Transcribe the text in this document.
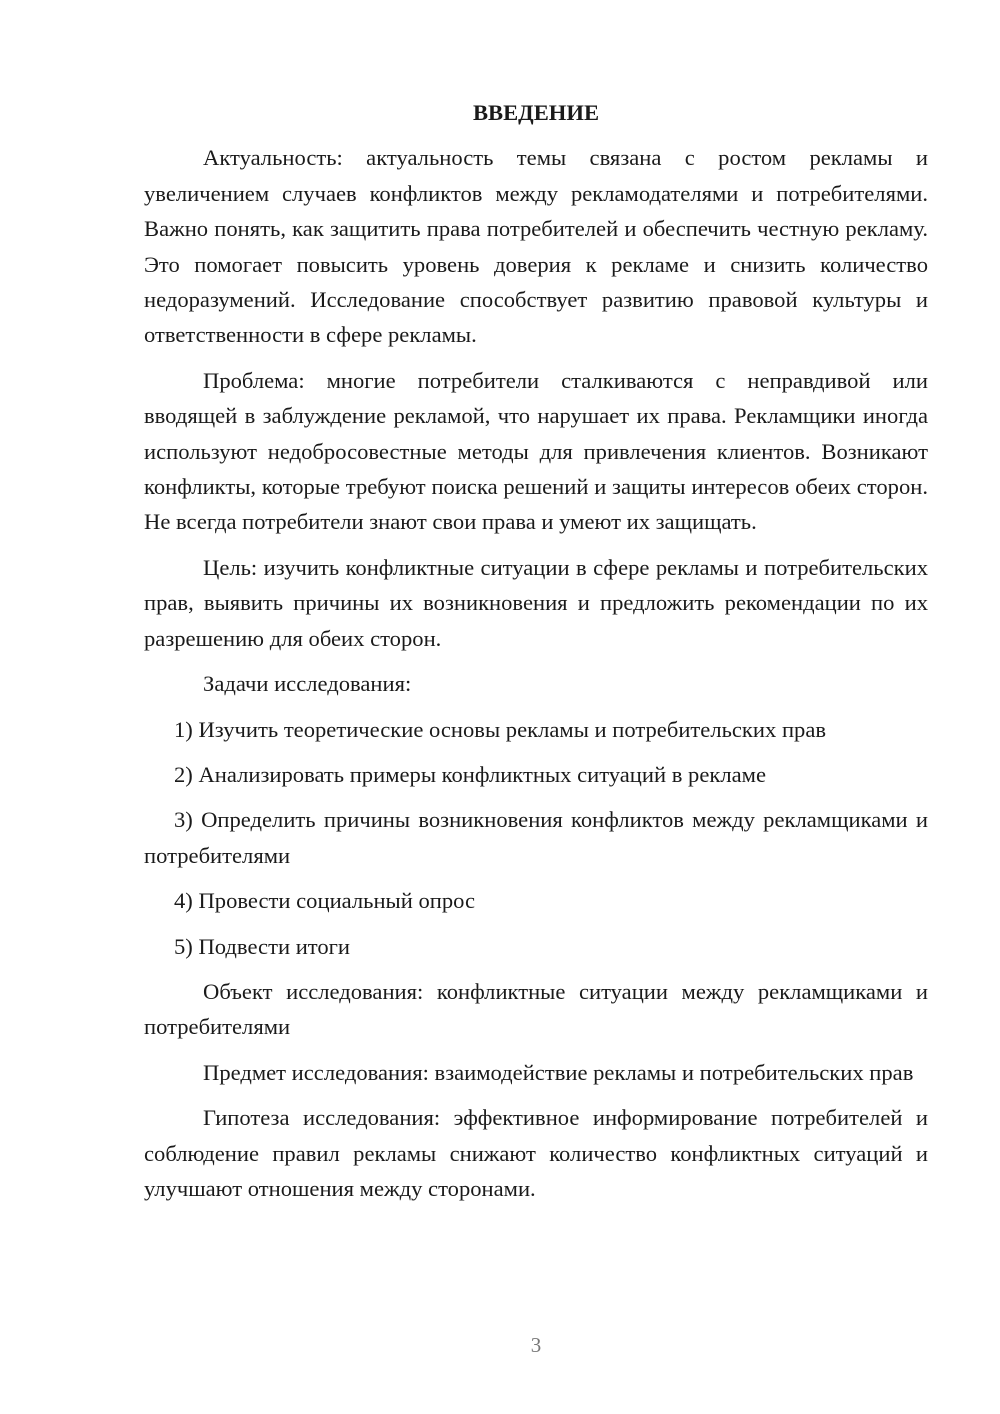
ВВЕДЕНИЕ

Актуальность: актуальность темы связана с ростом рекламы и увеличением случаев конфликтов между рекламодателями и потребителями. Важно понять, как защитить права потребителей и обеспечить честную рекламу. Это помогает повысить уровень доверия к рекламе и снизить количество недоразумений. Исследование способствует развитию правовой культуры и ответственности в сфере рекламы.

Проблема: многие потребители сталкиваются с неправдивой или вводящей в заблуждение рекламой, что нарушает их права. Рекламщики иногда используют недобросовестные методы для привлечения клиентов. Возникают конфликты, которые требуют поиска решений и защиты интересов обеих сторон. Не всегда потребители знают свои права и умеют их защищать.

Цель: изучить конфликтные ситуации в сфере рекламы и потребительских прав, выявить причины их возникновения и предложить рекомендации по их разрешению для обеих сторон.

Задачи исследования:

1) Изучить теоретические основы рекламы и потребительских прав

2) Анализировать примеры конфликтных ситуаций в рекламе

3) Определить причины возникновения конфликтов между рекламщиками и потребителями

4) Провести социальный опрос

5) Подвести итоги

Объект исследования: конфликтные ситуации между рекламщиками и потребителями

Предмет исследования: взаимодействие рекламы и потребительских прав

Гипотеза исследования: эффективное информирование потребителей и соблюдение правил рекламы снижают количество конфликтных ситуаций и улучшают отношения между сторонами.

3
